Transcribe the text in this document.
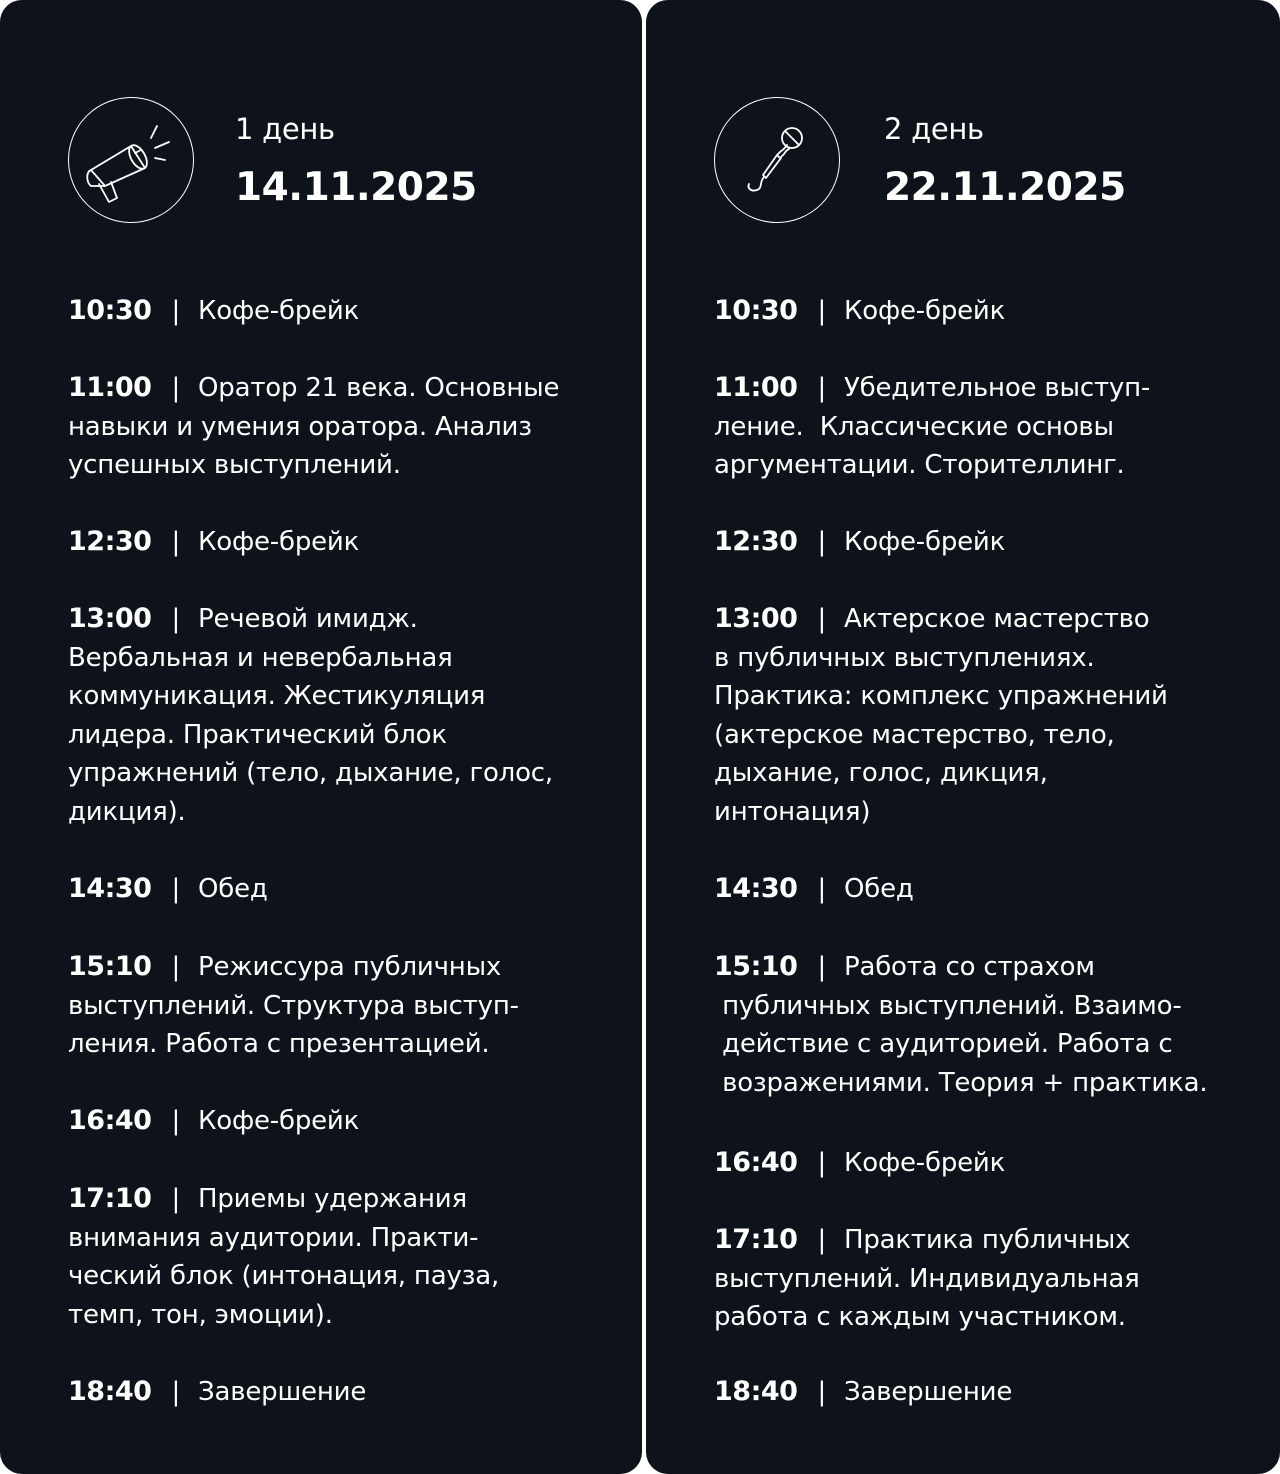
1 день
14.11.2025
10:30 | Кофе-брейк
11:00 | Оратор 21 века. Основные
навыки и умения оратора. Анализ
успешных выступлений.
12:30 | Кофе-брейк
13:00 | Речевой имидж.
Вербальная и невербальная
коммуникация. Жестикуляция
лидера. Практический блок
упражнений (тело, дыхание, голос,
дикция).
14:30 | Обед
15:10 | Режиссура публичных
выступлений. Структура выступ-
ления. Работа с презентацией.
16:40 | Кофе-брейк
17:10 | Приемы удержания
внимания аудитории. Практи-
ческий блок (интонация, пауза,
темп, тон, эмоции).
18:40 | Завершение
2 день
22.11.2025
10:30 | Кофе-брейк
11:00 | Убедительное выступ-
ление.  Классические основы
аргументации. Сторителлинг.
12:30 | Кофе-брейк
13:00 | Актерское мастерство
в публичных выступлениях.
Практика: комплекс упражнений
(актерское мастерство, тело,
дыхание, голос, дикция,
интонация)
14:30 | Обед
15:10 | Работа со страхом
публичных выступлений. Взаимо-
действие с аудиторией. Работа с
возражениями. Теория + практика.
16:40 | Кофе-брейк
17:10 | Практика публичных
выступлений. Индивидуальная
работа с каждым участником.
18:40 | Завершение
